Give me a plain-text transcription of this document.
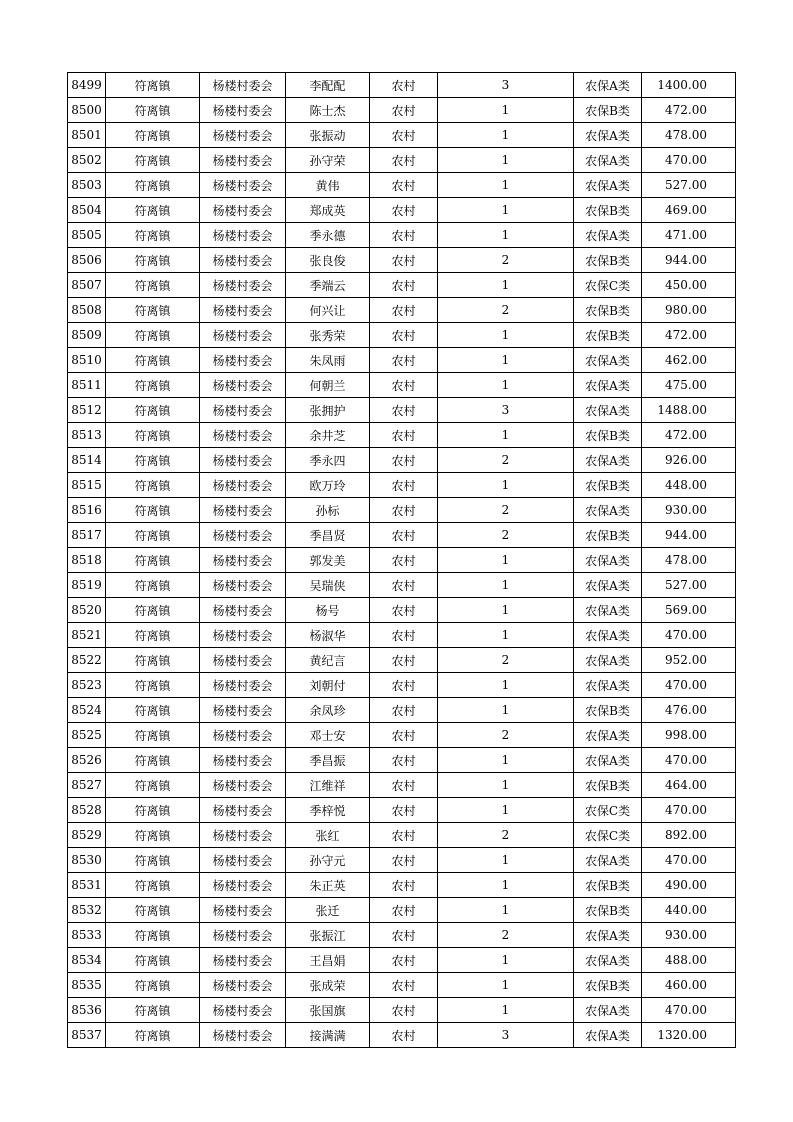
8499	符离镇	杨楼村委会	李配配	农村	3	农保A类	1400.00
8500	符离镇	杨楼村委会	陈士杰	农村	1	农保B类	472.00
8501	符离镇	杨楼村委会	张振动	农村	1	农保A类	478.00
8502	符离镇	杨楼村委会	孙守荣	农村	1	农保A类	470.00
8503	符离镇	杨楼村委会	黄伟	农村	1	农保A类	527.00
8504	符离镇	杨楼村委会	郑成英	农村	1	农保B类	469.00
8505	符离镇	杨楼村委会	季永德	农村	1	农保A类	471.00
8506	符离镇	杨楼村委会	张良俊	农村	2	农保B类	944.00
8507	符离镇	杨楼村委会	季端云	农村	1	农保C类	450.00
8508	符离镇	杨楼村委会	何兴让	农村	2	农保B类	980.00
8509	符离镇	杨楼村委会	张秀荣	农村	1	农保B类	472.00
8510	符离镇	杨楼村委会	朱凤雨	农村	1	农保A类	462.00
8511	符离镇	杨楼村委会	何朝兰	农村	1	农保A类	475.00
8512	符离镇	杨楼村委会	张拥护	农村	3	农保A类	1488.00
8513	符离镇	杨楼村委会	余井芝	农村	1	农保B类	472.00
8514	符离镇	杨楼村委会	季永四	农村	2	农保A类	926.00
8515	符离镇	杨楼村委会	欧万玲	农村	1	农保B类	448.00
8516	符离镇	杨楼村委会	孙标	农村	2	农保A类	930.00
8517	符离镇	杨楼村委会	季昌贤	农村	2	农保B类	944.00
8518	符离镇	杨楼村委会	郭发美	农村	1	农保A类	478.00
8519	符离镇	杨楼村委会	吴瑞侠	农村	1	农保A类	527.00
8520	符离镇	杨楼村委会	杨号	农村	1	农保A类	569.00
8521	符离镇	杨楼村委会	杨淑华	农村	1	农保A类	470.00
8522	符离镇	杨楼村委会	黄纪言	农村	2	农保A类	952.00
8523	符离镇	杨楼村委会	刘朝付	农村	1	农保A类	470.00
8524	符离镇	杨楼村委会	余凤珍	农村	1	农保B类	476.00
8525	符离镇	杨楼村委会	邓士安	农村	2	农保A类	998.00
8526	符离镇	杨楼村委会	季昌振	农村	1	农保A类	470.00
8527	符离镇	杨楼村委会	江维祥	农村	1	农保B类	464.00
8528	符离镇	杨楼村委会	季梓悦	农村	1	农保C类	470.00
8529	符离镇	杨楼村委会	张红	农村	2	农保C类	892.00
8530	符离镇	杨楼村委会	孙守元	农村	1	农保A类	470.00
8531	符离镇	杨楼村委会	朱正英	农村	1	农保B类	490.00
8532	符离镇	杨楼村委会	张迁	农村	1	农保B类	440.00
8533	符离镇	杨楼村委会	张振江	农村	2	农保A类	930.00
8534	符离镇	杨楼村委会	王昌娟	农村	1	农保A类	488.00
8535	符离镇	杨楼村委会	张成荣	农村	1	农保B类	460.00
8536	符离镇	杨楼村委会	张国旗	农村	1	农保A类	470.00
8537	符离镇	杨楼村委会	接满满	农村	3	农保A类	1320.00
